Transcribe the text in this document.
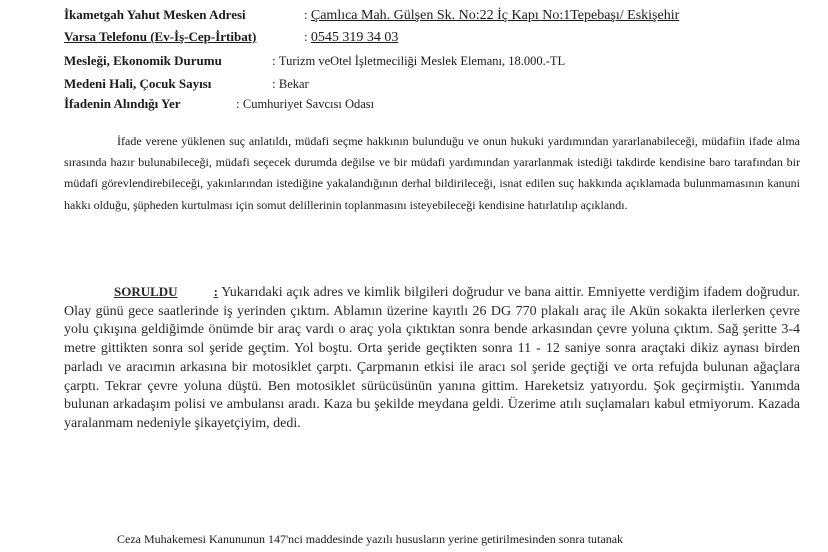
İkametgah Yahut Mesken Adresi	: Çamlıca Mah. Gülşen Sk. No:22 İç Kapı No:1Tepebaşı/ Eskişehir
Varsa Telefonu (Ev-İş-Cep-İrtibat)	: 0545 319 34 03
Mesleği, Ekonomik Durumu	: Turizm veOtel İşletmeciliği Meslek Elemanı, 18.000.-TL
Medeni Hali, Çocuk Sayısı	: Bekar
İfadenin Alındığı Yer	: Cumhuriyet Savcısı Odası

İfade verene yüklenen suç anlatıldı, müdafi seçme hakkının bulunduğu ve onun hukuki yardımından yararlanabileceği, müdafiin ifade alma sırasında hazır bulunabileceği, müdafi seçecek durumda değilse ve bir müdafi yardımından yararlanmak istediği takdirde kendisine baro tarafından bir müdafi görevlendirebileceği, yakınlarından istediğine yakalandığının derhal bildirileceği, isnat edilen suç hakkında açıklamada bulunmamasının kanuni hakkı olduğu, şüpheden kurtulması için somut delillerinin toplanmasını isteyebileceği kendisine hatırlatılıp açıklandı.

SORULDU	: Yukarıdaki açık adres ve kimlik bilgileri doğrudur ve bana aittir. Emniyette verdiğim ifadem doğrudur. Olay günü gece saatlerinde iş yerinden çıktım. Ablamın üzerine kayıtlı 26 DG 770 plakalı araç ile Akün sokakta ilerlerken çevre yolu çıkışına geldiğimde önümde bir araç vardı o araç yola çıktıktan sonra bende arkasından çevre yoluna çıktım. Sağ şeritte 3-4 metre gittikten sonra sol şeride geçtim. Yol boştu. Orta şeride geçtikten sonra 11 - 12 saniye sonra araçtaki dikiz aynası birden parladı ve aracımın arkasına bir motosiklet çarptı. Çarpmanın etkisi ile aracı sol şeride geçtiği ve orta refujda bulunan ağaçlara çarptı. Tekrar çevre yoluna düştü. Ben motosiklet sürücüsünün yanına gittim. Hareketsiz yatıyordu. Şok geçirmiştiı. Yanımda bulunan arkadaşım polisi ve ambulansı aradı. Kaza bu şekilde meydana geldi. Üzerime atılı suçlamaları kabul etmiyorum. Kazada yaralanmam nedeniyle şikayetçiyim, dedi.

Ceza Muhakemesi Kanununun 147'nci maddesinde yazılı hususların yerine getirilmesinden sonra tutanak
